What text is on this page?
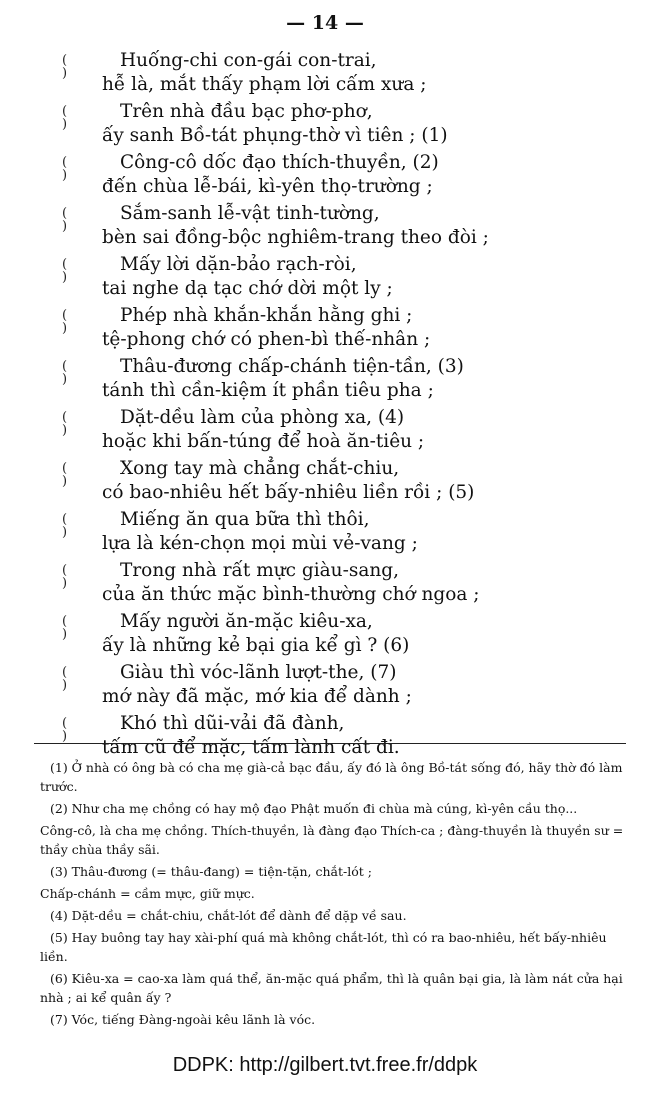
— 14 —
(
)
Huống-chi con-gái con-trai,
hễ là, mắt thấy phạm lời cấm xưa ;
(
)
Trên nhà đầu bạc phơ-phơ,
ấy sanh Bồ-tát phụng-thờ vì tiên ; (1)
(
)
Công-cô dốc đạo thích-thuyền, (2)
đến chùa lễ-bái, kì-yên thọ-trường ;
(
)
Sắm-sanh lễ-vật tinh-tường,
bèn sai đồng-bộc nghiêm-trang theo đòi ;
(
)
Mấy lời dặn-bảo rạch-ròi,
tai nghe dạ tạc chớ dời một ly ;
(
)
Phép nhà khắn-khắn hằng ghi ;
tệ-phong chớ có phen-bì thế-nhân ;
(
)
Thâu-đương chấp-chánh tiện-tần, (3)
tánh thì cần-kiệm ít phần tiêu pha ;
(
)
Dặt-dều làm của phòng xa, (4)
hoặc khi bấn-túng để hoà ăn-tiêu ;
(
)
Xong tay mà chẳng chắt-chiu,
có bao-nhiêu hết bấy-nhiêu liền rồi ; (5)
(
)
Miếng ăn qua bữa thì thôi,
lựa là kén-chọn mọi mùi vẻ-vang ;
(
)
Trong nhà rất mực giàu-sang,
của ăn thức mặc bình-thường chớ ngoa ;
(
)
Mấy người ăn-mặc kiêu-xa,
ấy là những kẻ bại gia kể gì ? (6)
(
)
Giàu thì vóc-lãnh lượt-the, (7)
mớ này đã mặc, mớ kia để dành ;
(
)
Khó thì dũi-vải đã đành,
tấm cũ để mặc, tấm lành cất đi.

(1) Ở nhà có ông bà có cha mẹ già-cả bạc đầu, ấy đó là ông Bồ-tát sống đó, hãy thờ đó làm trước.

(2) Như cha mẹ chồng có hay mộ đạo Phật muốn đi chùa mà cúng, kì-yên cầu thọ...

Công-cô, là cha mẹ chồng. Thích-thuyền, là đàng đạo Thích-ca ; đàng-thuyền là thuyền sư = thầy chùa thầy sãi.

(3) Thâu-đương (= thâu-đang) = tiện-tặn, chắt-lót ;

Chấp-chánh = cầm mực, giữ mực.

(4) Dặt-dều = chắt-chiu, chắt-lót để dành để dặp về sau.

(5) Hay buông tay hay xài-phí quá mà không chắt-lót, thì có ra bao-nhiêu, hết bấy-nhiêu liền.

(6) Kiêu-xa = cao-xa làm quá thể, ăn-mặc quá phẩm, thì là quân bại gia, là làm nát cửa hại nhà ; ai kể quân ấy ?

(7) Vóc, tiếng Đàng-ngoài kêu lãnh là vóc.

DDPK: http://gilbert.tvt.free.fr/ddpk
